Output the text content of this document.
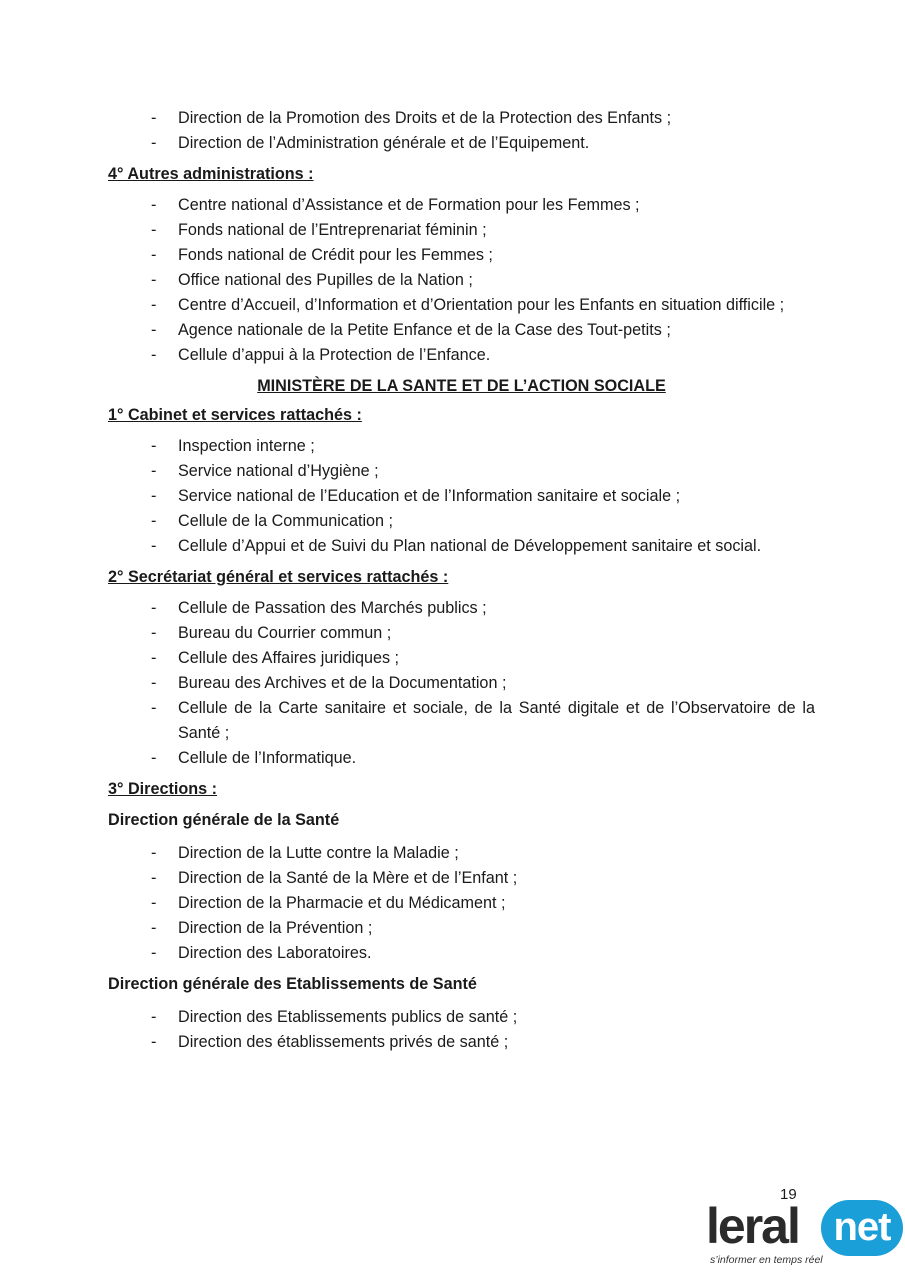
- Direction de la Promotion des Droits et de la Protection des Enfants ;
- Direction de l’Administration générale et de l’Equipement.
4° Autres administrations :
- Centre national d’Assistance et de Formation pour les Femmes ;
- Fonds national de l’Entreprenariat féminin ;
- Fonds national de Crédit pour les Femmes ;
- Office national des Pupilles de la Nation ;
- Centre d’Accueil, d’Information et d’Orientation pour les Enfants en situation difficile ;
- Agence nationale de la Petite Enfance et de la Case des Tout-petits ;
- Cellule d’appui à la Protection de l’Enfance.
MINISTÈRE DE LA SANTE ET DE L’ACTION SOCIALE
1° Cabinet et services rattachés :
- Inspection interne ;
- Service national d’Hygiène ;
- Service national de l’Education et de l’Information sanitaire et sociale ;
- Cellule de la Communication ;
- Cellule d’Appui et de Suivi du Plan national de Développement sanitaire et social.
2° Secrétariat général et services rattachés :
- Cellule de Passation des Marchés publics ;
- Bureau du Courrier commun ;
- Cellule des Affaires juridiques ;
- Bureau des Archives et de la Documentation ;
- Cellule de la Carte sanitaire et sociale, de la Santé digitale et de l’Observatoire de la Santé ;
- Cellule de l’Informatique.
3° Directions :
Direction générale de la Santé
- Direction de la Lutte contre la Maladie ;
- Direction de la Santé de la Mère et de l’Enfant ;
- Direction de la Pharmacie et du Médicament ;
- Direction de la Prévention ;
- Direction des Laboratoires.
Direction générale des Etablissements de Santé
- Direction des Etablissements publics de santé ;
- Direction des établissements privés de santé ;
19
leral net
s’informer en temps réel
